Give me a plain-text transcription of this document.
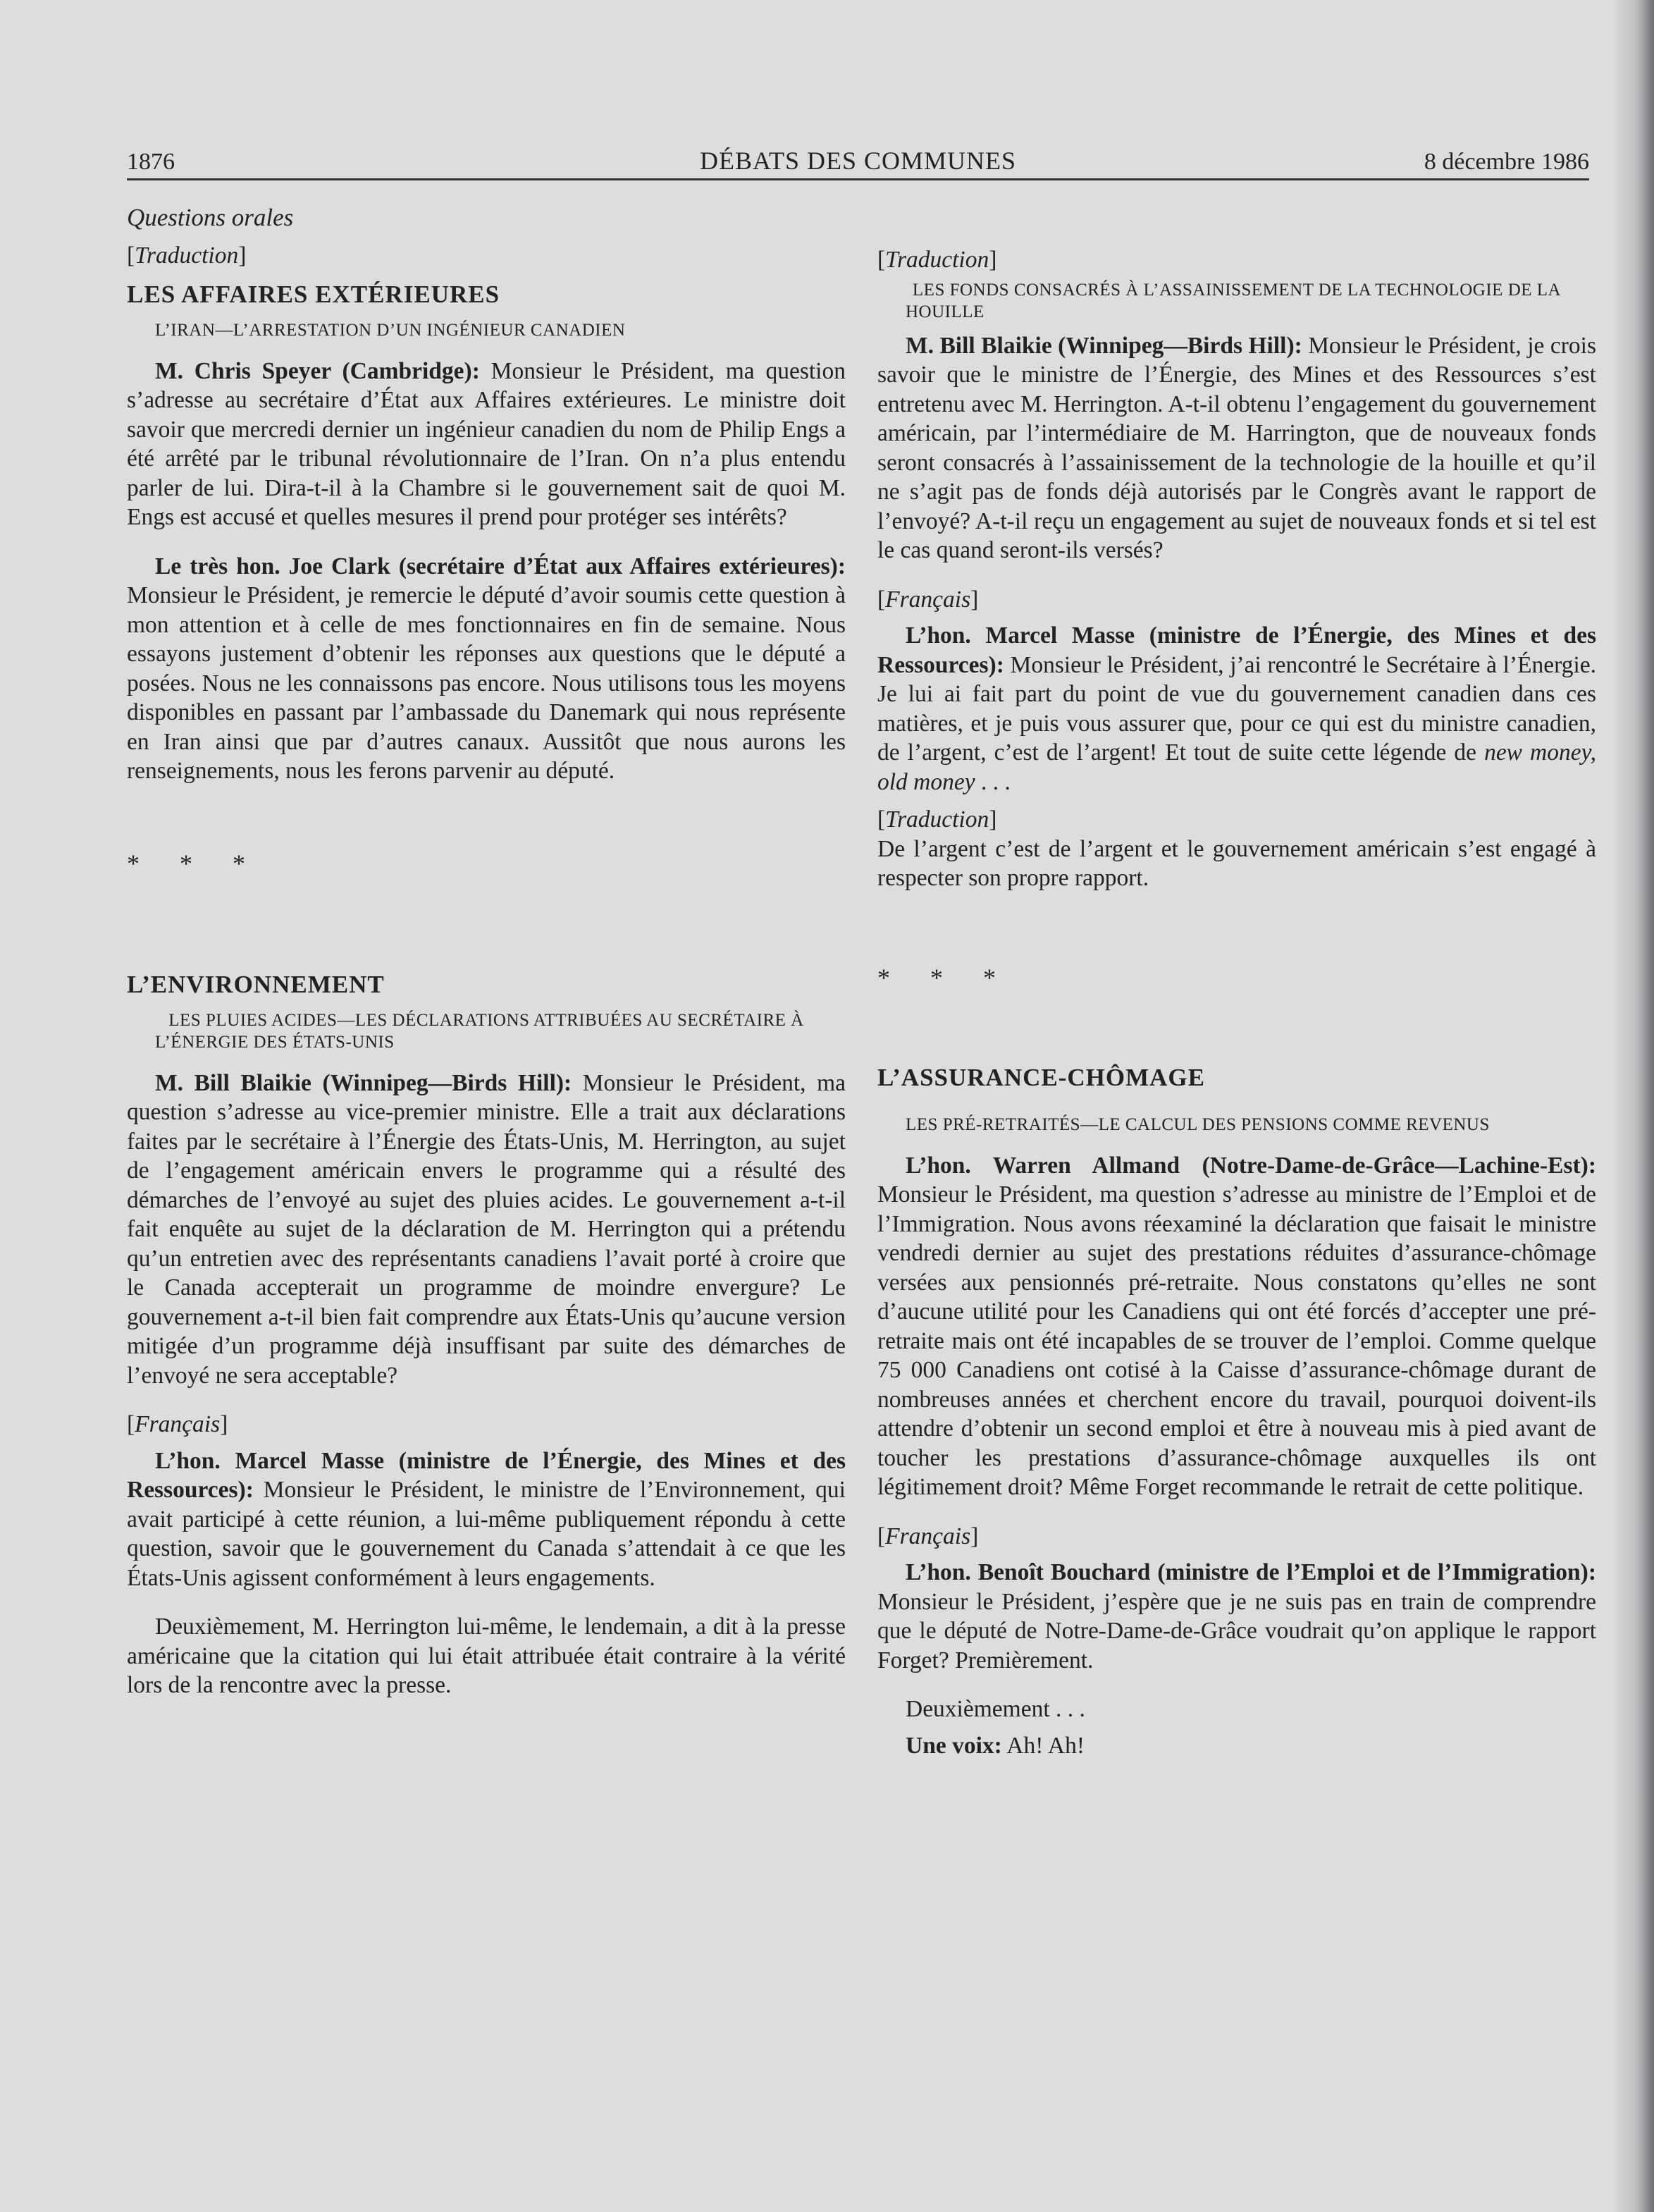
1876	DÉBATS DES COMMUNES	8 décembre 1986

Questions orales

[ Traduction ]

LES AFFAIRES EXTÉRIEURES

L’IRAN—L’ARRESTATION D’UN INGÉNIEUR CANADIEN

M. Chris Speyer (Cambridge): Monsieur le Président, ma question s’adresse au secrétaire d’État aux Affaires extérieures. Le ministre doit savoir que mercredi dernier un ingénieur canadien du nom de Philip Engs a été arrêté par le tribunal révolutionnaire de l’Iran. On n’a plus entendu parler de lui. Dira-t-il à la Chambre si le gouvernement sait de quoi M. Engs est accusé et quelles mesures il prend pour protéger ses intérêts?

Le très hon. Joe Clark (secrétaire d’État aux Affaires extérieures): Monsieur le Président, je remercie le député d’avoir soumis cette question à mon attention et à celle de mes fonctionnaires en fin de semaine. Nous essayons justement d’obtenir les réponses aux questions que le député a posées. Nous ne les connaissons pas encore. Nous utilisons tous les moyens disponibles en passant par l’ambassade du Danemark qui nous représente en Iran ainsi que par d’autres canaux. Aussitôt que nous aurons les renseignements, nous les ferons parvenir au député.

* * *

L’ENVIRONNEMENT

LES PLUIES ACIDES—LES DÉCLARATIONS ATTRIBUÉES AU SECRÉTAIRE À L’ÉNERGIE DES ÉTATS-UNIS

M. Bill Blaikie (Winnipeg—Birds Hill): Monsieur le Président, ma question s’adresse au vice-premier ministre. Elle a trait aux déclarations faites par le secrétaire à l’Énergie des États-Unis, M. Herrington, au sujet de l’engagement américain envers le programme qui a résulté des démarches de l’envoyé au sujet des pluies acides. Le gouvernement a-t-il fait enquête au sujet de la déclaration de M. Herrington qui a prétendu qu’un entretien avec des représentants canadiens l’avait porté à croire que le Canada accepterait un programme de moindre envergure? Le gouvernement a-t-il bien fait comprendre aux États-Unis qu’aucune version mitigée d’un programme déjà insuffisant par suite des démarches de l’envoyé ne sera acceptable?

[ Français ]

L’hon. Marcel Masse (ministre de l’Énergie, des Mines et des Ressources): Monsieur le Président, le ministre de l’Environnement, qui avait participé à cette réunion, a lui-même publiquement répondu à cette question, savoir que le gouvernement du Canada s’attendait à ce que les États-Unis agissent conformément à leurs engagements.

Deuxièmement, M. Herrington lui-même, le lendemain, a dit à la presse américaine que la citation qui lui était attribuée était contraire à la vérité lors de la rencontre avec la presse.

[ Traduction ]

LES FONDS CONSACRÉS À L’ASSAINISSEMENT DE LA TECHNOLOGIE DE LA HOUILLE

M. Bill Blaikie (Winnipeg—Birds Hill): Monsieur le Président, je crois savoir que le ministre de l’Énergie, des Mines et des Ressources s’est entretenu avec M. Herrington. A-t-il obtenu l’engagement du gouvernement américain, par l’intermédiaire de M. Harrington, que de nouveaux fonds seront consacrés à l’assainissement de la technologie de la houille et qu’il ne s’agit pas de fonds déjà autorisés par le Congrès avant le rapport de l’envoyé? A-t-il reçu un engagement au sujet de nouveaux fonds et si tel est le cas quand seront-ils versés?

[ Français ]

L’hon. Marcel Masse (ministre de l’Énergie, des Mines et des Ressources): Monsieur le Président, j’ai rencontré le Secrétaire à l’Énergie. Je lui ai fait part du point de vue du gouvernement canadien dans ces matières, et je puis vous assurer que, pour ce qui est du ministre canadien, de l’argent, c’est de l’argent! Et tout de suite cette légende de new money, old money . . .

[ Traduction ]

De l’argent c’est de l’argent et le gouvernement américain s’est engagé à respecter son propre rapport.

* * *

L’ASSURANCE-CHÔMAGE

LES PRÉ-RETRAITÉS—LE CALCUL DES PENSIONS COMME REVENUS

L’hon. Warren Allmand (Notre-Dame-de-Grâce—Lachine-Est): Monsieur le Président, ma question s’adresse au ministre de l’Emploi et de l’Immigration. Nous avons réexaminé la déclaration que faisait le ministre vendredi dernier au sujet des prestations réduites d’assurance-chômage versées aux pensionnés pré-retraite. Nous constatons qu’elles ne sont d’aucune utilité pour les Canadiens qui ont été forcés d’accepter une pré-retraite mais ont été incapables de se trouver de l’emploi. Comme quelque 75 000 Canadiens ont cotisé à la Caisse d’assurance-chômage durant de nombreuses années et cherchent encore du travail, pourquoi doivent-ils attendre d’obtenir un second emploi et être à nouveau mis à pied avant de toucher les prestations d’assurance-chômage auxquelles ils ont légitimement droit? Même Forget recommande le retrait de cette politique.

[ Français ]

L’hon. Benoît Bouchard (ministre de l’Emploi et de l’Immigration): Monsieur le Président, j’espère que je ne suis pas en train de comprendre que le député de Notre-Dame-de-Grâce voudrait qu’on applique le rapport Forget? Premièrement.

Deuxièmement . . .

Une voix: Ah! Ah!
